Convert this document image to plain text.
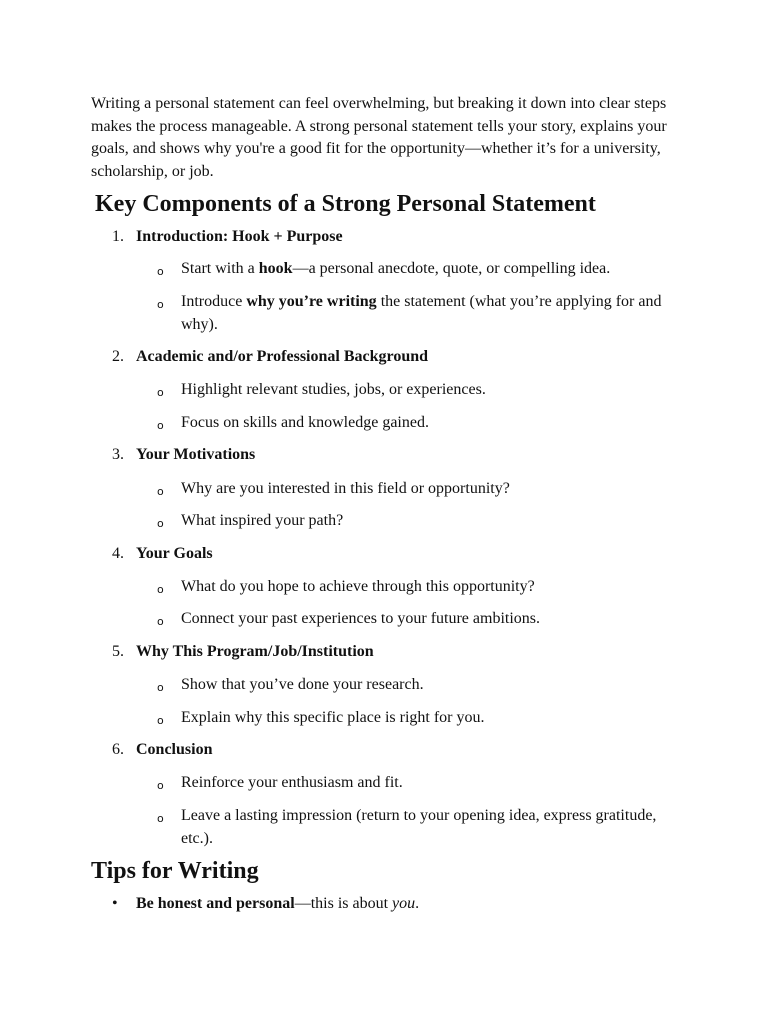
Writing a personal statement can feel overwhelming, but breaking it down into clear steps makes the process manageable. A strong personal statement tells your story, explains your goals, and shows why you're a good fit for the opportunity—whether it’s for a university, scholarship, or job.

Key Components of a Strong Personal Statement
1. Introduction: Hook + Purpose
o Start with a hook—a personal anecdote, quote, or compelling idea.
o Introduce why you’re writing the statement (what you’re applying for and why).
2. Academic and/or Professional Background
o Highlight relevant studies, jobs, or experiences.
o Focus on skills and knowledge gained.
3. Your Motivations
o Why are you interested in this field or opportunity?
o What inspired your path?
4. Your Goals
o What do you hope to achieve through this opportunity?
o Connect your past experiences to your future ambitions.
5. Why This Program/Job/Institution
o Show that you’ve done your research.
o Explain why this specific place is right for you.
6. Conclusion
o Reinforce your enthusiasm and fit.
o Leave a lasting impression (return to your opening idea, express gratitude, etc.).
Tips for Writing
• Be honest and personal—this is about you.
